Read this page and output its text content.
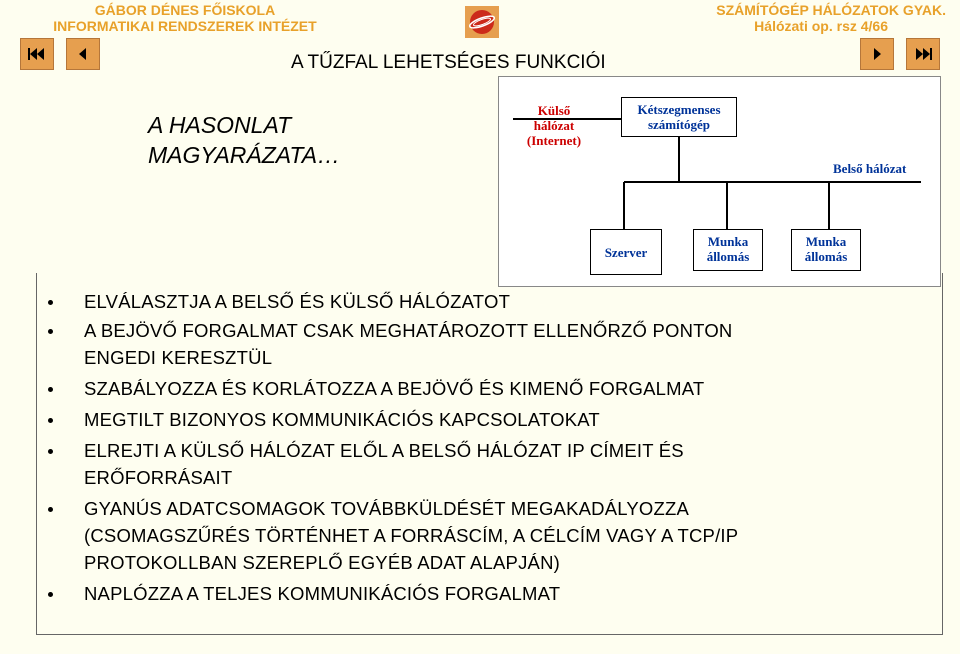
GÁBOR DÉNES FŐISKOLA
INFORMATIKAI RENDSZEREK INTÉZET
SZÁMÍTÓGÉP HÁLÓZATOK GYAK.
Hálózati op. rsz 4/66
A TŰZFAL LEHETSÉGES FUNKCIÓI
A HASONLAT
MAGYARÁZATA…
Külső hálózat
(Internet)
Kétszegmenses
számítógép
Belső hálózat
Szerver
Munka
állomás
Munka
állomás
ELVÁLASZTJA A BELSŐ ÉS KÜLSŐ HÁLÓZATOT
A BEJÖVŐ FORGALMAT CSAK MEGHATÁROZOTT ELLENŐRZŐ PONTON
ENGEDI KERESZTÜL
SZABÁLYOZZA ÉS KORLÁTOZZA A BEJÖVŐ ÉS KIMENŐ FORGALMAT
MEGTILT BIZONYOS KOMMUNIKÁCIÓS KAPCSOLATOKAT
ELREJTI A KÜLSŐ HÁLÓZAT ELŐL A BELSŐ HÁLÓZAT IP CÍMEIT ÉS
ERŐFORRÁSAIT
GYANÚS ADATCSOMAGOK TOVÁBBKÜLDÉSÉT MEGAKADÁLYOZZA
(CSOMAGSZŰRÉS TÖRTÉNHET A FORRÁSCÍM, A CÉLCÍM VAGY A TCP/IP
PROTOKOLLBAN SZEREPLŐ EGYÉB ADAT ALAPJÁN)
NAPLÓZZA A TELJES KOMMUNIKÁCIÓS FORGALMAT
